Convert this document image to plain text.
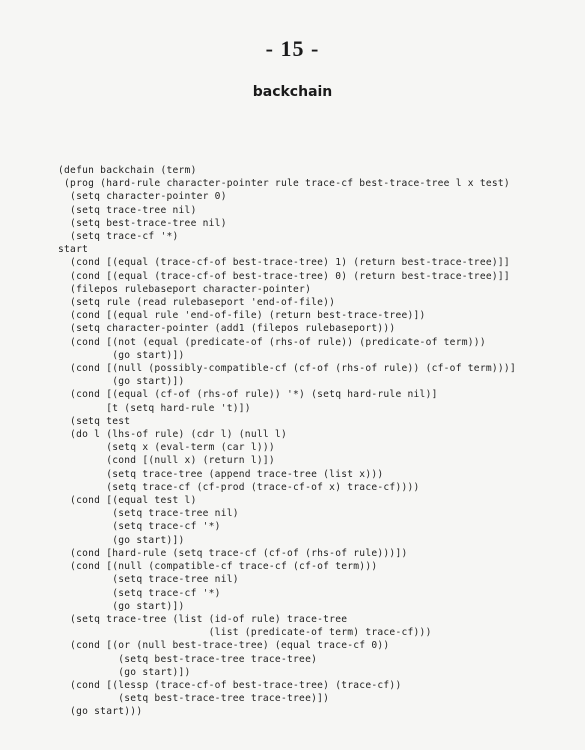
- 15 -
backchain
(defun backchain (term)
(prog (hard-rule character-pointer rule trace-cf best-trace-tree l x test)
(setq character-pointer 0)
(setq trace-tree nil)
(setq best-trace-tree nil)
(setq trace-cf '*)
start
(cond [(equal (trace-cf-of best-trace-tree) 1) (return best-trace-tree)]]
(cond [(equal (trace-cf-of best-trace-tree) 0) (return best-trace-tree)]]
(filepos rulebaseport character-pointer)
(setq rule (read rulebaseport 'end-of-file))
(cond [(equal rule 'end-of-file) (return best-trace-tree)])
(setq character-pointer (add1 (filepos rulebaseport)))
(cond [(not (equal (predicate-of (rhs-of rule)) (predicate-of term)))
(go start)])
(cond [(null (possibly-compatible-cf (cf-of (rhs-of rule)) (cf-of term)))]
(go start)])
(cond [(equal (cf-of (rhs-of rule)) '*) (setq hard-rule nil)]
[t (setq hard-rule 't)])
(setq test
(do l (lhs-of rule) (cdr l) (null l)
(setq x (eval-term (car l)))
(cond [(null x) (return l)])
(setq trace-tree (append trace-tree (list x)))
(setq trace-cf (cf-prod (trace-cf-of x) trace-cf))))
(cond [(equal test l)
(setq trace-tree nil)
(setq trace-cf '*)
(go start)])
(cond [hard-rule (setq trace-cf (cf-of (rhs-of rule)))])
(cond [(null (compatible-cf trace-cf (cf-of term)))
(setq trace-tree nil)
(setq trace-cf '*)
(go start)])
(setq trace-tree (list (id-of rule) trace-tree
(list (predicate-of term) trace-cf)))
(cond [(or (null best-trace-tree) (equal trace-cf 0))
(setq best-trace-tree trace-tree)
(go start)])
(cond [(lessp (trace-cf-of best-trace-tree) (trace-cf))
(setq best-trace-tree trace-tree)])
(go start)))
